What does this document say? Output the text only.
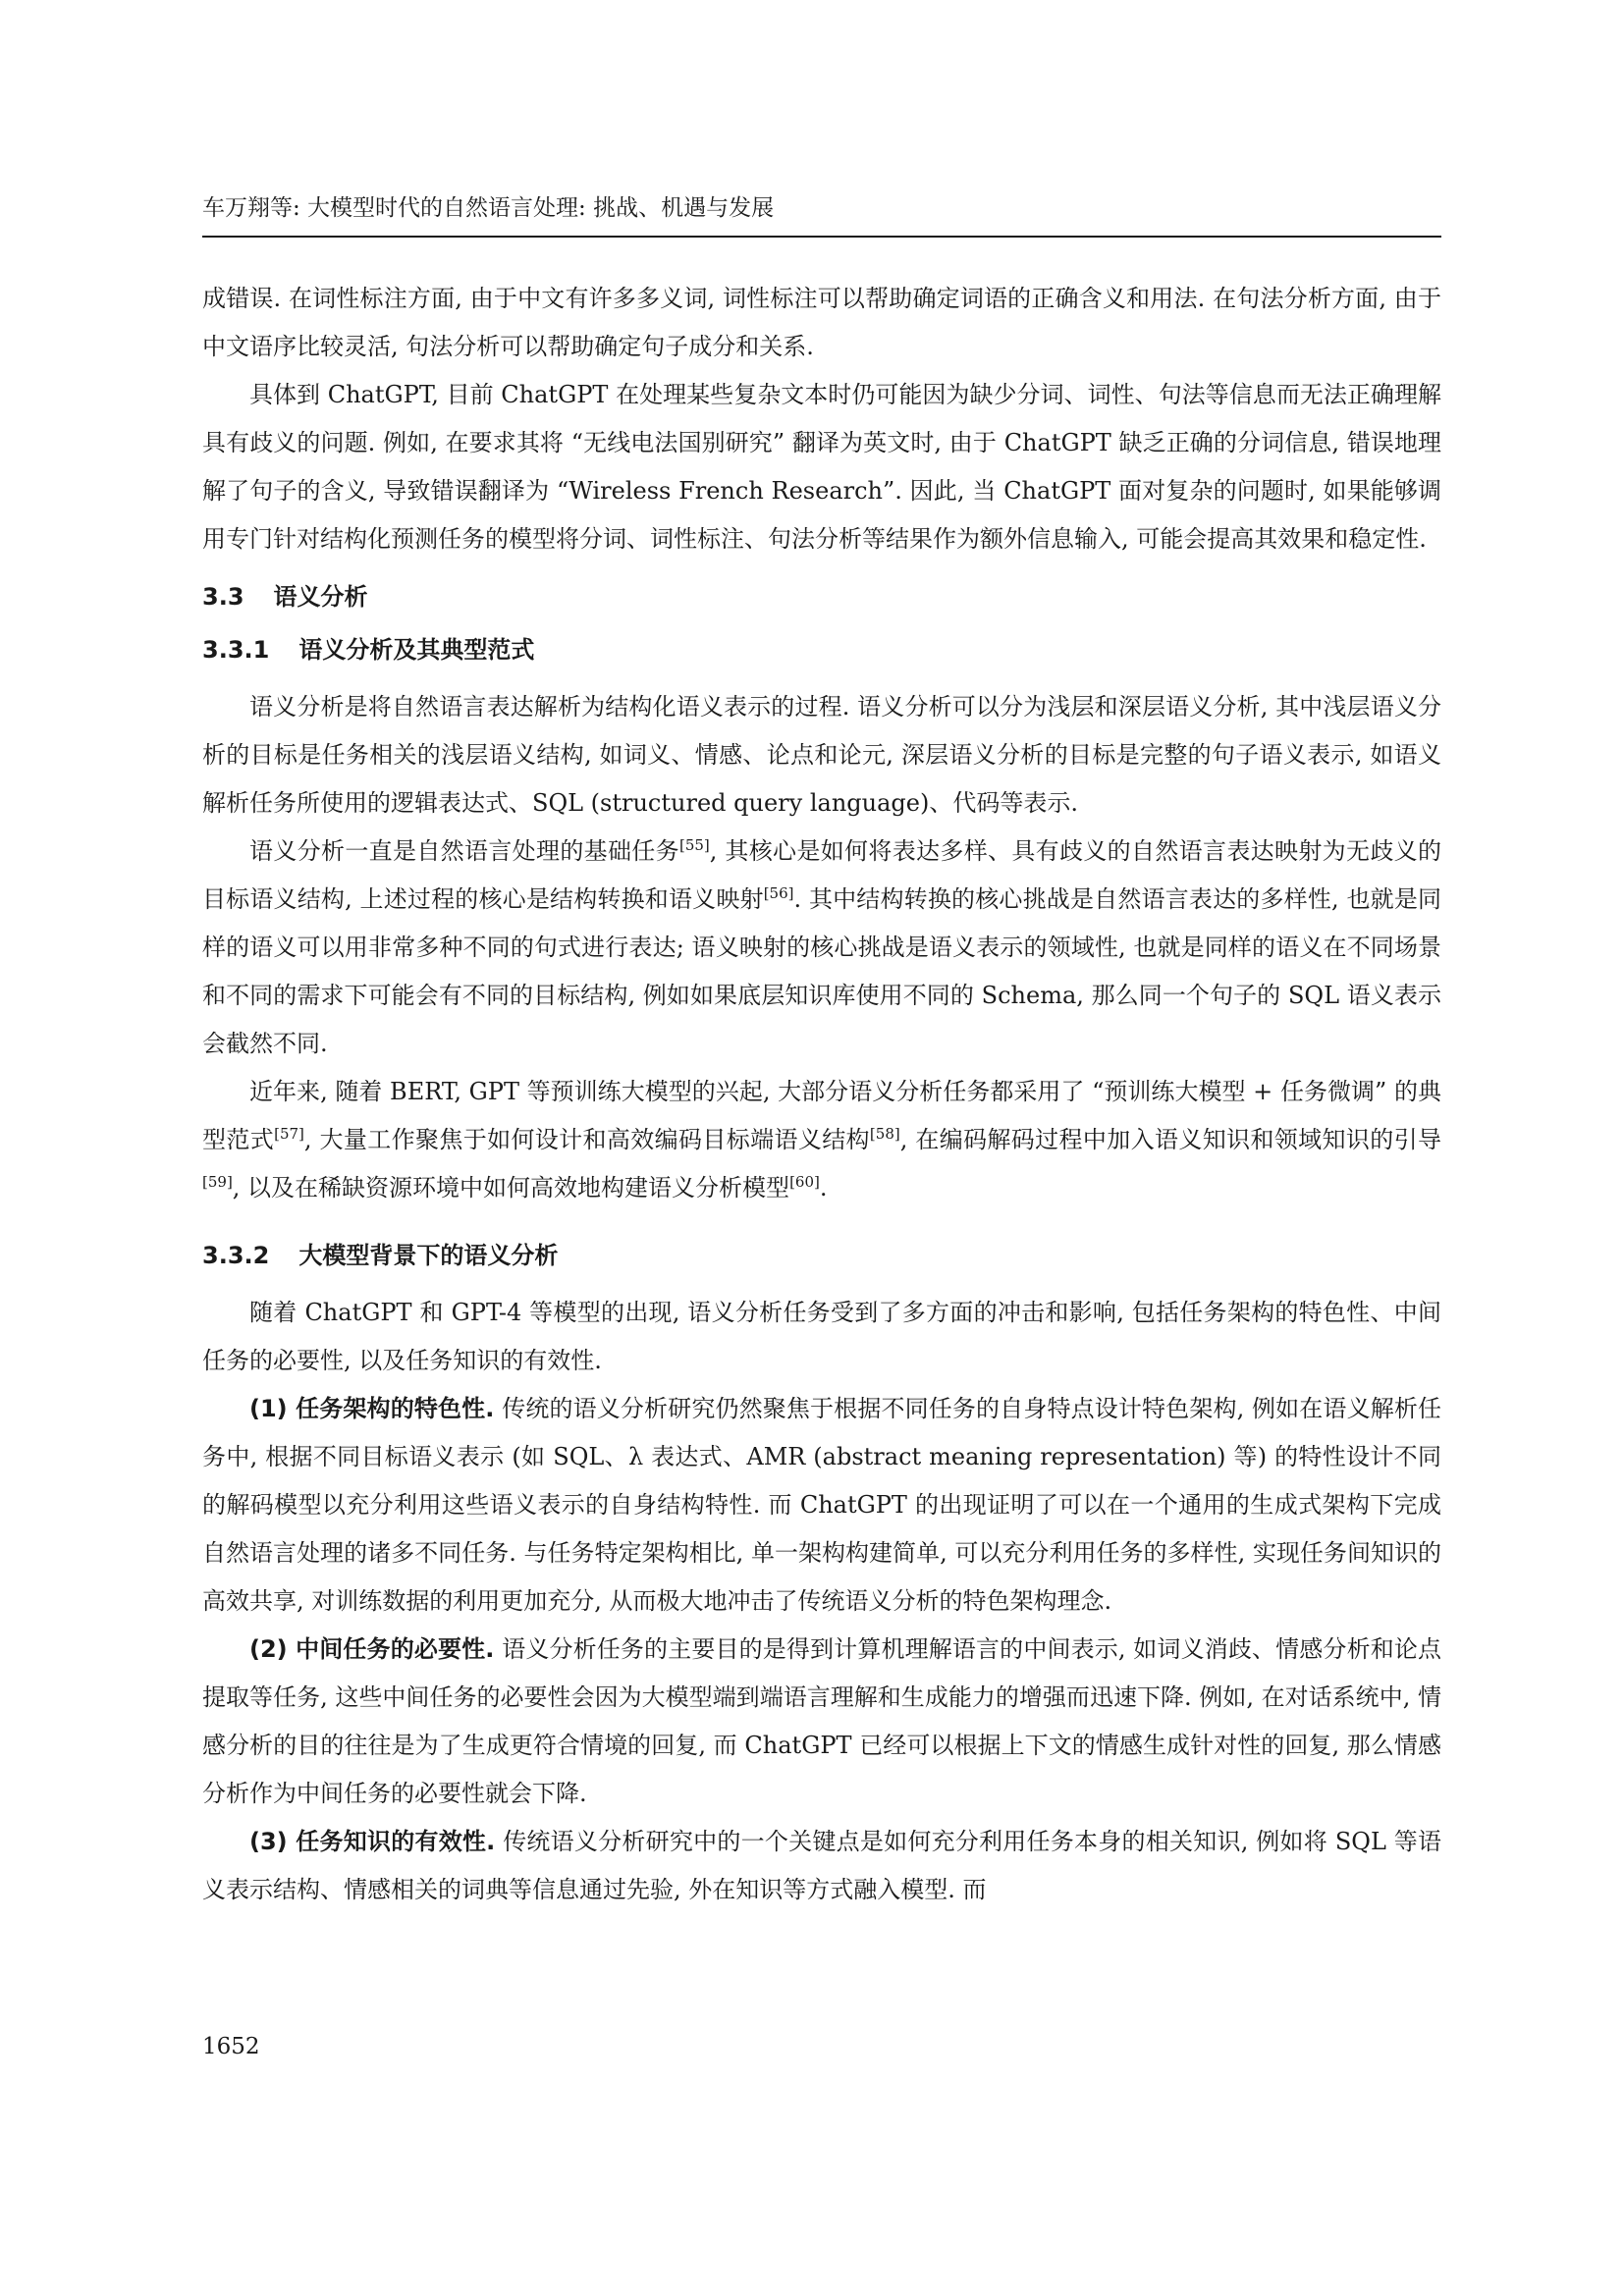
车万翔等: 大模型时代的自然语言处理: 挑战、机遇与发展

成错误. 在词性标注方面, 由于中文有许多多义词, 词性标注可以帮助确定词语的正确含义和用法. 在句法分析方面, 由于中文语序比较灵活, 句法分析可以帮助确定句子成分和关系.

具体到 ChatGPT, 目前 ChatGPT 在处理某些复杂文本时仍可能因为缺少分词、词性、句法等信息而无法正确理解具有歧义的问题. 例如, 在要求其将 “无线电法国别研究” 翻译为英文时, 由于 ChatGPT 缺乏正确的分词信息, 错误地理解了句子的含义, 导致错误翻译为 “Wireless French Research”. 因此, 当 ChatGPT 面对复杂的问题时, 如果能够调用专门针对结构化预测任务的模型将分词、词性标注、句法分析等结果作为额外信息输入, 可能会提高其效果和稳定性.

3.3 语义分析
3.3.1 语义分析及其典型范式

语义分析是将自然语言表达解析为结构化语义表示的过程. 语义分析可以分为浅层和深层语义分析, 其中浅层语义分析的目标是任务相关的浅层语义结构, 如词义、情感、论点和论元, 深层语义分析的目标是完整的句子语义表示, 如语义解析任务所使用的逻辑表达式、SQL (structured query language)、代码等表示.

语义分析一直是自然语言处理的基础任务[55], 其核心是如何将表达多样、具有歧义的自然语言表达映射为无歧义的目标语义结构, 上述过程的核心是结构转换和语义映射[56]. 其中结构转换的核心挑战是自然语言表达的多样性, 也就是同样的语义可以用非常多种不同的句式进行表达; 语义映射的核心挑战是语义表示的领域性, 也就是同样的语义在不同场景和不同的需求下可能会有不同的目标结构, 例如如果底层知识库使用不同的 Schema, 那么同一个句子的 SQL 语义表示会截然不同.

近年来, 随着 BERT, GPT 等预训练大模型的兴起, 大部分语义分析任务都采用了 “预训练大模型 + 任务微调” 的典型范式[57], 大量工作聚焦于如何设计和高效编码目标端语义结构[58], 在编码解码过程中加入语义知识和领域知识的引导[59], 以及在稀缺资源环境中如何高效地构建语义分析模型[60].

3.3.2 大模型背景下的语义分析

随着 ChatGPT 和 GPT-4 等模型的出现, 语义分析任务受到了多方面的冲击和影响, 包括任务架构的特色性、中间任务的必要性, 以及任务知识的有效性.

(1) 任务架构的特色性. 传统的语义分析研究仍然聚焦于根据不同任务的自身特点设计特色架构, 例如在语义解析任务中, 根据不同目标语义表示 (如 SQL、λ 表达式、AMR (abstract meaning representation) 等) 的特性设计不同的解码模型以充分利用这些语义表示的自身结构特性. 而 ChatGPT 的出现证明了可以在一个通用的生成式架构下完成自然语言处理的诸多不同任务. 与任务特定架构相比, 单一架构构建简单, 可以充分利用任务的多样性, 实现任务间知识的高效共享, 对训练数据的利用更加充分, 从而极大地冲击了传统语义分析的特色架构理念.

(2) 中间任务的必要性. 语义分析任务的主要目的是得到计算机理解语言的中间表示, 如词义消歧、情感分析和论点提取等任务, 这些中间任务的必要性会因为大模型端到端语言理解和生成能力的增强而迅速下降. 例如, 在对话系统中, 情感分析的目的往往是为了生成更符合情境的回复, 而 ChatGPT 已经可以根据上下文的情感生成针对性的回复, 那么情感分析作为中间任务的必要性就会下降.

(3) 任务知识的有效性. 传统语义分析研究中的一个关键点是如何充分利用任务本身的相关知识, 例如将 SQL 等语义表示结构、情感相关的词典等信息通过先验, 外在知识等方式融入模型. 而

1652
